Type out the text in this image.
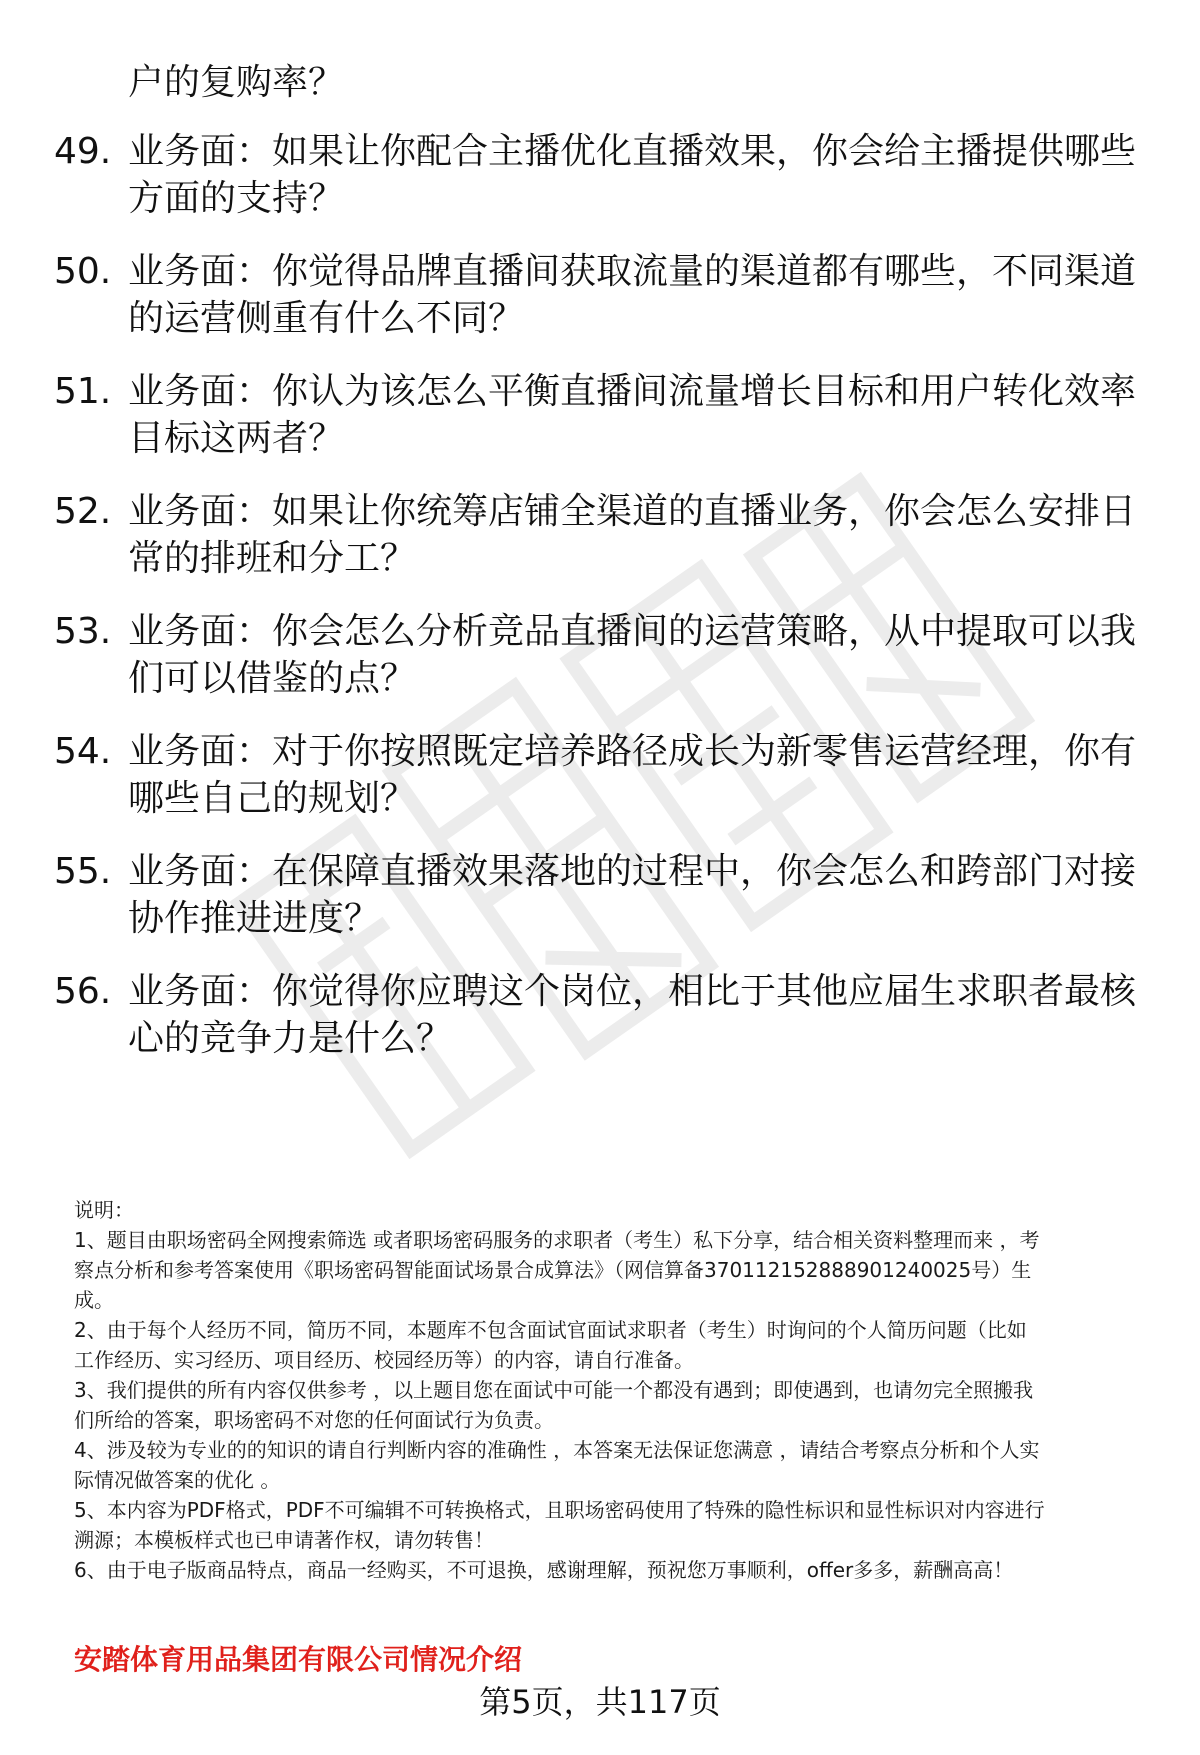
户的复购率？
49. 业务面：如果让你配合主播优化直播效果，你会给主播提供哪些
方面的支持？
50. 业务面：你觉得品牌直播间获取流量的渠道都有哪些，不同渠道
的运营侧重有什么不同？
51. 业务面：你认为该怎么平衡直播间流量增长目标和用户转化效率
目标这两者？
52. 业务面：如果让你统筹店铺全渠道的直播业务，你会怎么安排日
常的排班和分工？
53. 业务面：你会怎么分析竞品直播间的运营策略，从中提取可以我
们可以借鉴的点？
54. 业务面：对于你按照既定培养路径成长为新零售运营经理，你有
哪些自己的规划？
55. 业务面：在保障直播效果落地的过程中，你会怎么和跨部门对接
协作推进进度？
56. 业务面：你觉得你应聘这个岗位，相比于其他应届生求职者最核
心的竞争力是什么？

说明：

1、题目由职场密码全网搜索筛选 或者职场密码服务的求职者（考生）私下分享，结合相关资料整理而来 ，考
察点分析和参考答案使用《职场密码智能面试场景合成算法》（网信算备370112152888901240025号）生
成。

2、由于每个人经历不同，简历不同，本题库不包含面试官面试求职者（考生）时询问的个人简历问题（比如
工作经历、实习经历、项目经历、校园经历等）的内容，请自行准备。

3、我们提供的所有内容仅供参考 ，以上题目您在面试中可能一个都没有遇到；即使遇到，也请勿完全照搬我
们所给的答案，职场密码不对您的任何面试行为负责。

4、涉及较为专业的的知识的请自行判断内容的准确性 ，本答案无法保证您满意 ，请结合考察点分析和个人实
际情况做答案的优化 。

5、本内容为PDF格式，PDF不可编辑不可转换格式，且职场密码使用了特殊的隐性标识和显性标识对内容进行
溯源；本模板样式也已申请著作权，请勿转售！

6、由于电子版商品特点，商品一经购买，不可退换，感谢理解，预祝您万事顺利，offer多多，薪酬高高！

安踏体育用品集团有限公司情况介绍
第5页，共117页
